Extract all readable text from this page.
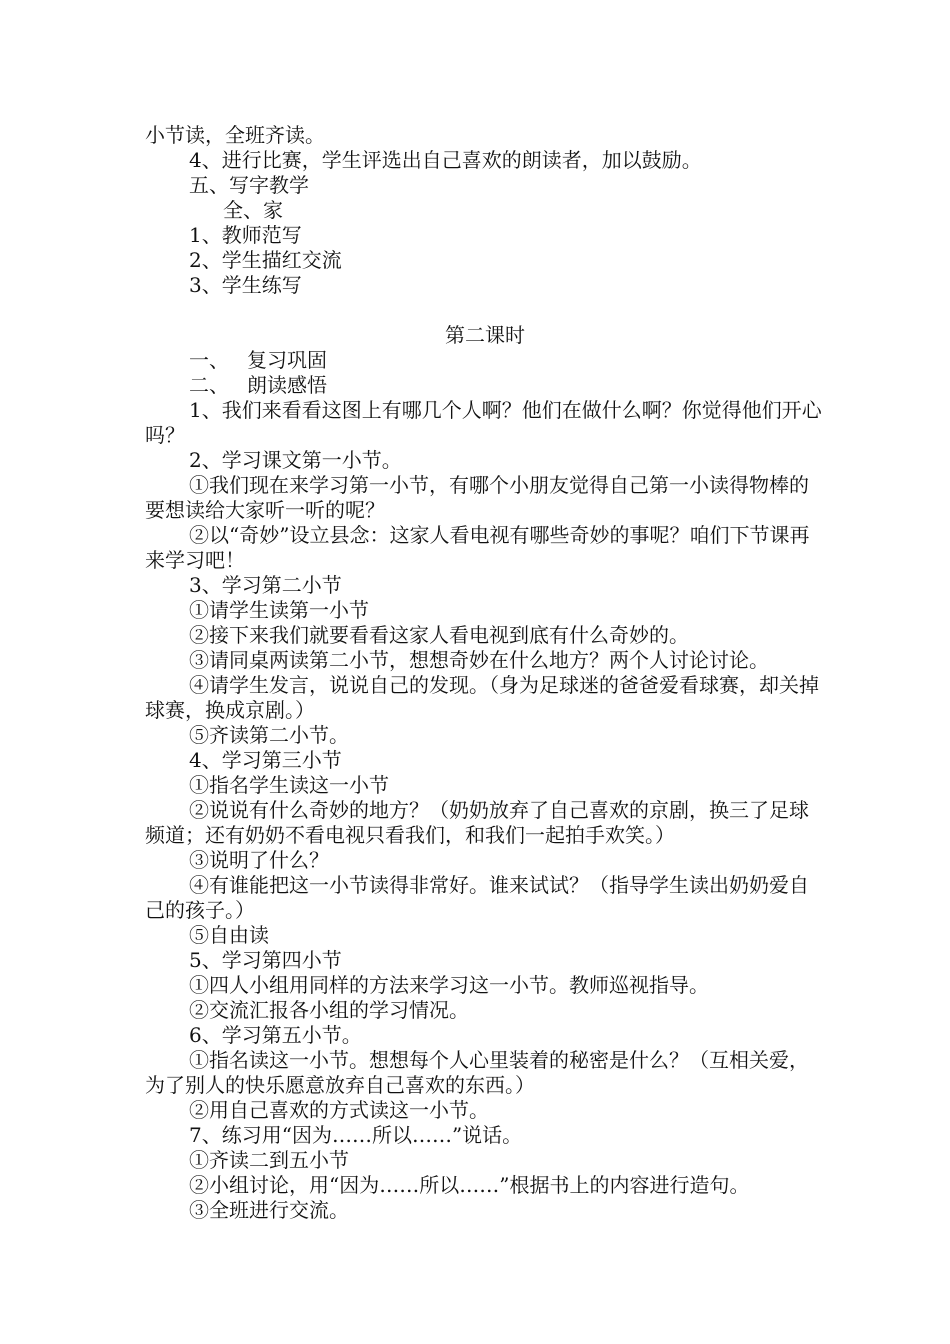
小节读，全班齐读。
4、进行比赛，学生评选出自己喜欢的朗读者，加以鼓励。
五、写字教学
全、家
1、教师范写
2、学生描红交流
3、学生练写
第二课时
一、 复习巩固
二、 朗读感悟
1、我们来看看这图上有哪几个人啊？他们在做什么啊？你觉得他们开心吗？
2、学习课文第一小节。
①我们现在来学习第一小节，有哪个小朋友觉得自己第一小读得物棒的要想读给大家听一听的呢？
②以“奇妙”设立县念：这家人看电视有哪些奇妙的事呢？咱们下节课再来学习吧！
3、学习第二小节
①请学生读第一小节
②接下来我们就要看看这家人看电视到底有什么奇妙的。
③请同桌两读第二小节，想想奇妙在什么地方？两个人讨论讨论。
④请学生发言，说说自己的发现。（身为足球迷的爸爸爱看球赛，却关掉球赛，换成京剧。）
⑤齐读第二小节。
4、学习第三小节
①指名学生读这一小节
②说说有什么奇妙的地方？（奶奶放弃了自己喜欢的京剧，换三了足球频道；还有奶奶不看电视只看我们，和我们一起拍手欢笑。）
③说明了什么？
④有谁能把这一小节读得非常好。谁来试试？（指导学生读出奶奶爱自己的孩子。）
⑤自由读
5、学习第四小节
①四人小组用同样的方法来学习这一小节。教师巡视指导。
②交流汇报各小组的学习情况。
6、学习第五小节。
①指名读这一小节。想想每个人心里装着的秘密是什么？（互相关爱，为了别人的快乐愿意放弃自己喜欢的东西。）
②用自己喜欢的方式读这一小节。
7、练习用“因为……所以……”说话。
①齐读二到五小节
②小组讨论，用“因为……所以……”根据书上的内容进行造句。
③全班进行交流。
